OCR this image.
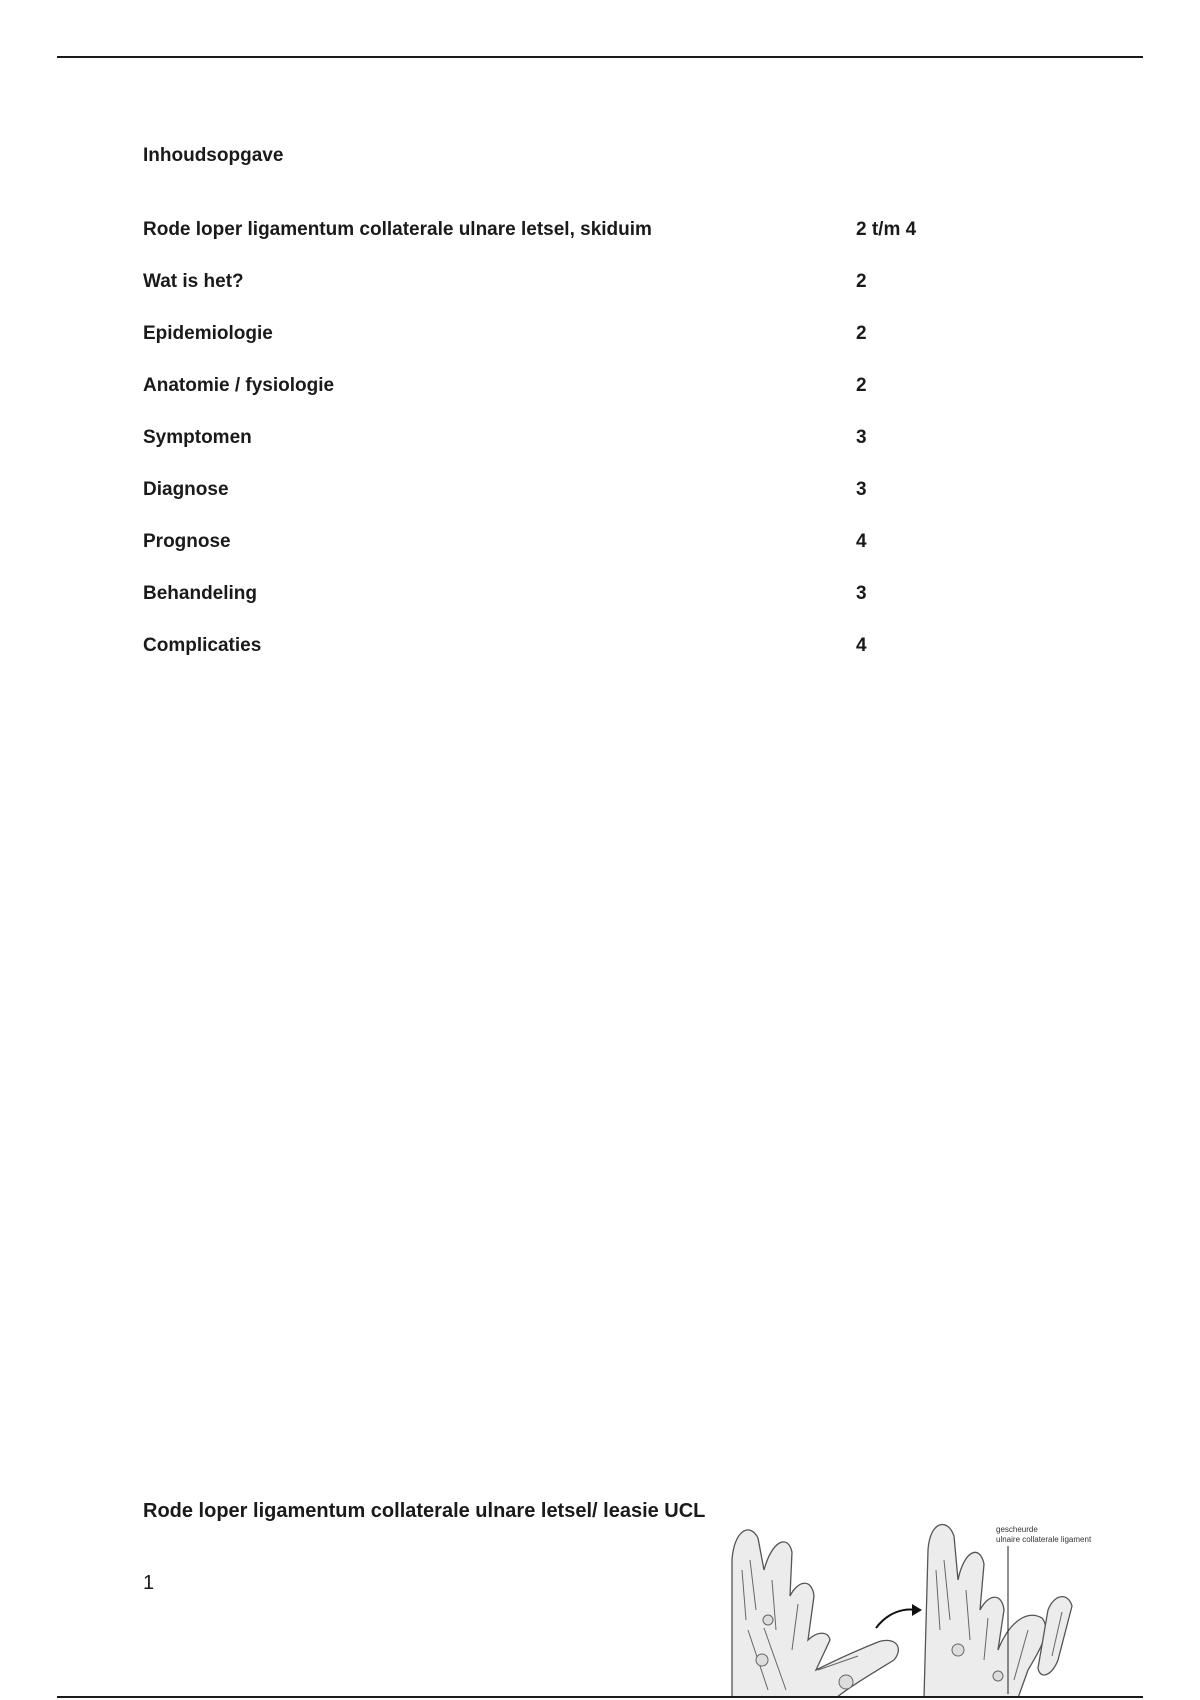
Inhoudsopgave
Rode loper ligamentum collaterale ulnare letsel, skiduim	2 t/m 4
Wat is het?	2
Epidemiologie	2
Anatomie / fysiologie	2
Symptomen	3
Diagnose	3
Prognose	4
Behandeling	3
Complicaties	4
Rode loper ligamentum collaterale ulnare letsel/ leasie UCL
1
gescheurde
ulnaire collaterale ligament
